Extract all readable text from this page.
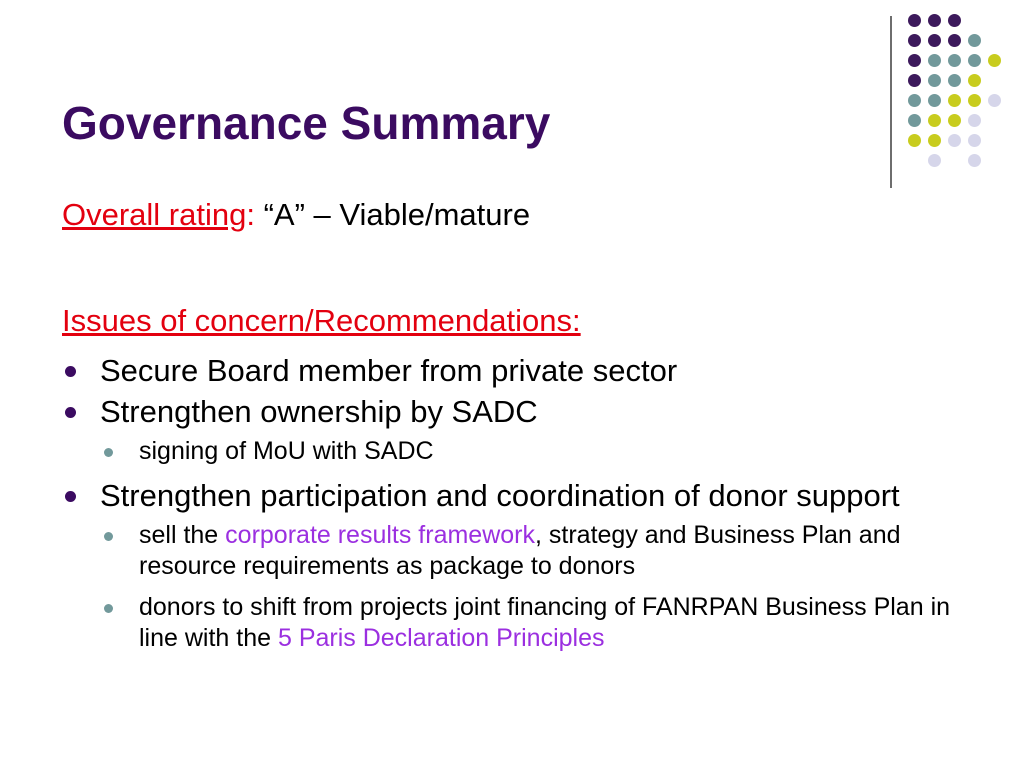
Governance Summary
Overall rating: “A” – Viable/mature
Issues of concern/Recommendations:
Secure Board member from private sector
Strengthen ownership by SADC
signing of MoU with SADC
Strengthen participation and coordination of donor support
sell the corporate results framework, strategy and Business Plan and resource requirements as package to donors
donors to shift from projects joint financing of FANRPAN Business Plan in line with the 5 Paris Declaration Principles
